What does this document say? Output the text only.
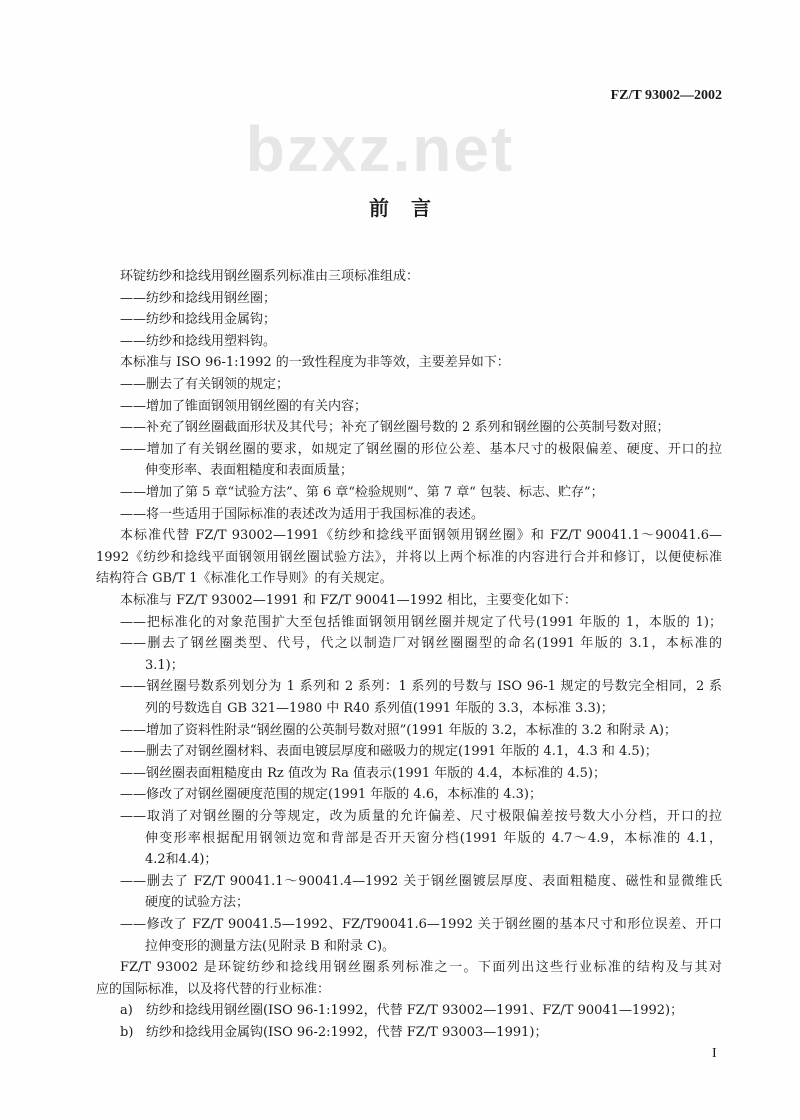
FZ/T 93002—2002
bzxz.net
前言
环锭纺纱和捻线用钢丝圈系列标准由三项标准组成：
——纺纱和捻线用钢丝圈；
——纺纱和捻线用金属钩；
——纺纱和捻线用塑料钩。
本标准与 ISO 96-1:1992 的一致性程度为非等效，主要差异如下：
——删去了有关钢领的规定；
——增加了锥面钢领用钢丝圈的有关内容；
——补充了钢丝圈截面形状及其代号；补充了钢丝圈号数的 2 系列和钢丝圈的公英制号数对照；
——增加了有关钢丝圈的要求，如规定了钢丝圈的形位公差、基本尺寸的极限偏差、硬度、开口的拉
伸变形率、表面粗糙度和表面质量；
——增加了第 5 章“试验方法”、第 6 章“检验规则”、第 7 章“ 包装、标志、贮存”；
——将一些适用于国际标准的表述改为适用于我国标准的表述。
本标准代替 FZ/T 93002—1991《纺纱和捻线平面钢领用钢丝圈》和 FZ/T 90041.1～90041.6—
1992《纺纱和捻线平面钢领用钢丝圈试验方法》，并将以上两个标准的内容进行合并和修订，以便使标准
结构符合 GB/T 1《标准化工作导则》的有关规定。
本标准与 FZ/T 93002—1991 和 FZ/T 90041—1992 相比，主要变化如下：
——把标准化的对象范围扩大至包括锥面钢领用钢丝圈并规定了代号(1991 年版的 1，本版的 1)；
——删去了钢丝圈类型、代号，代之以制造厂对钢丝圈圈型的命名(1991 年版的 3.1，本标准的
3.1)；
——钢丝圈号数系列划分为 1 系列和 2 系列：1 系列的号数与 ISO 96-1 规定的号数完全相同，2 系
列的号数选自 GB 321—1980 中 R40 系列值(1991 年版的 3.3，本标准 3.3)；
——增加了资料性附录“钢丝圈的公英制号数对照”(1991 年版的 3.2，本标准的 3.2 和附录 A)；
——删去了对钢丝圈材料、表面电镀层厚度和磁吸力的规定(1991 年版的 4.1，4.3 和 4.5)；
——钢丝圈表面粗糙度由 Rz 值改为 Ra 值表示(1991 年版的 4.4，本标准的 4.5)；
——修改了对钢丝圈硬度范围的规定(1991 年版的 4.6，本标准的 4.3)；
——取消了对钢丝圈的分等规定，改为质量的允许偏差、尺寸极限偏差按号数大小分档，开口的拉
伸变形率根据配用钢领边宽和背部是否开天窗分档(1991 年版的 4.7～4.9，本标准的 4.1，
4.2和4.4)；
——删去了 FZ/T 90041.1～90041.4—1992 关于钢丝圈镀层厚度、表面粗糙度、磁性和显微维氏
硬度的试验方法；
——修改了 FZ/T 90041.5—1992、FZ/T90041.6—1992 关于钢丝圈的基本尺寸和形位误差、开口
拉伸变形的测量方法(见附录 B 和附录 C)。
FZ/T 93002 是环锭纺纱和捻线用钢丝圈系列标准之一。下面列出这些行业标准的结构及与其对
应的国际标准，以及将代替的行业标准：
a) 纺纱和捻线用钢丝圈(ISO 96-1:1992，代替 FZ/T 93002—1991、FZ/T 90041—1992)；
b) 纺纱和捻线用金属钩(ISO 96-2:1992，代替 FZ/T 93003—1991)；
I
